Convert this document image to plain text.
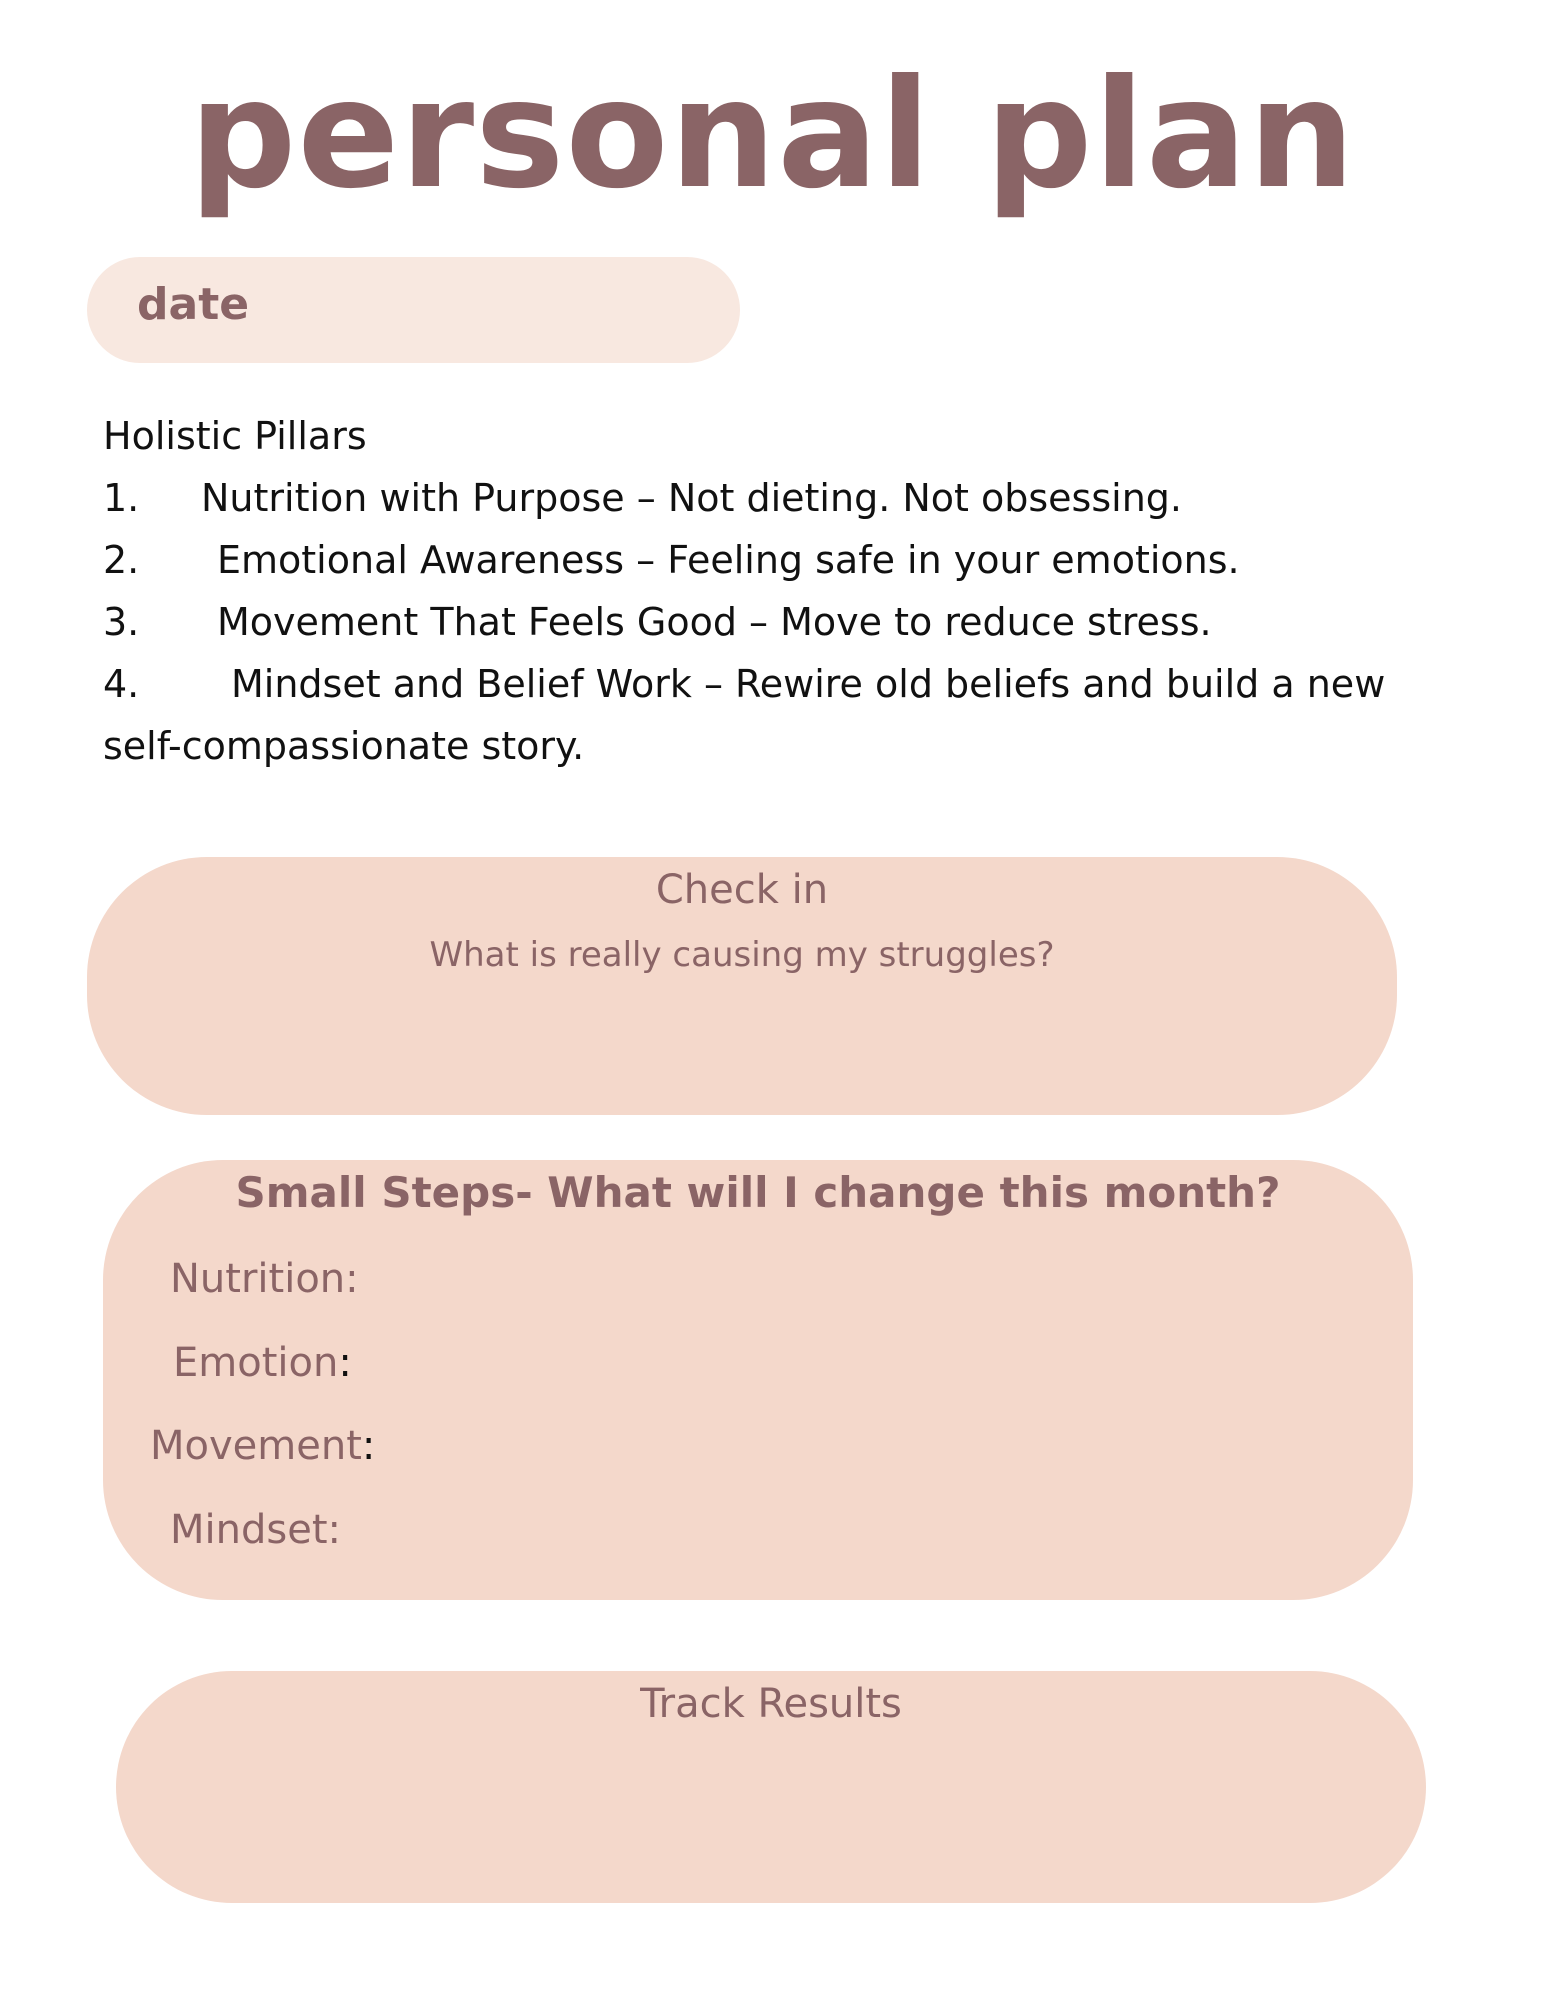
personal plan
date
Holistic Pillars
1. Nutrition with Purpose – Not dieting. Not obsessing.
2. Emotional Awareness – Feeling safe in your emotions.
3. Movement That Feels Good – Move to reduce stress.
4. Mindset and Belief Work – Rewire old beliefs and build a new self-compassionate story.
Check in
What is really causing my struggles?
Small Steps- What will I change this month?
Nutrition:
Emotion:
Movement:
Mindset:
Track Results
